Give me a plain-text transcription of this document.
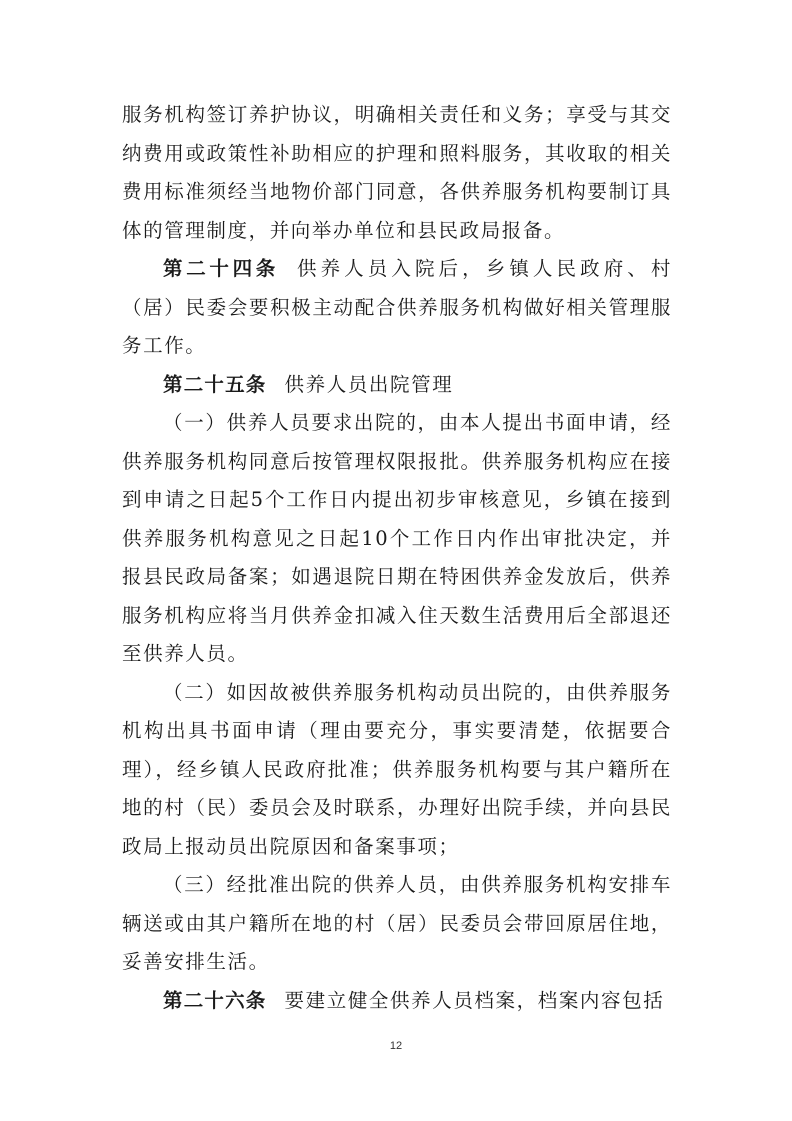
服务机构签订养护协议，明确相关责任和义务；享受与其交纳费用或政策性补助相应的护理和照料服务，其收取的相关费用标准须经当地物价部门同意，各供养服务机构要制订具体的管理制度，并向举办单位和县民政局报备。

第二十四条 供养人员入院后，乡镇人民政府、村（居）民委会要积极主动配合供养服务机构做好相关管理服务工作。

第二十五条 供养人员出院管理

（一）供养人员要求出院的，由本人提出书面申请，经供养服务机构同意后按管理权限报批。供养服务机构应在接到申请之日起5个工作日内提出初步审核意见，乡镇在接到供养服务机构意见之日起10个工作日内作出审批决定，并报县民政局备案；如遇退院日期在特困供养金发放后，供养服务机构应将当月供养金扣减入住天数生活费用后全部退还至供养人员。

（二）如因故被供养服务机构动员出院的，由供养服务机构出具书面申请（理由要充分，事实要清楚，依据要合理），经乡镇人民政府批准；供养服务机构要与其户籍所在地的村（民）委员会及时联系，办理好出院手续，并向县民政局上报动员出院原因和备案事项；

（三）经批准出院的供养人员，由供养服务机构安排车辆送或由其户籍所在地的村（居）民委员会带回原居住地，妥善安排生活。

第二十六条 要建立健全供养人员档案，档案内容包括

12
